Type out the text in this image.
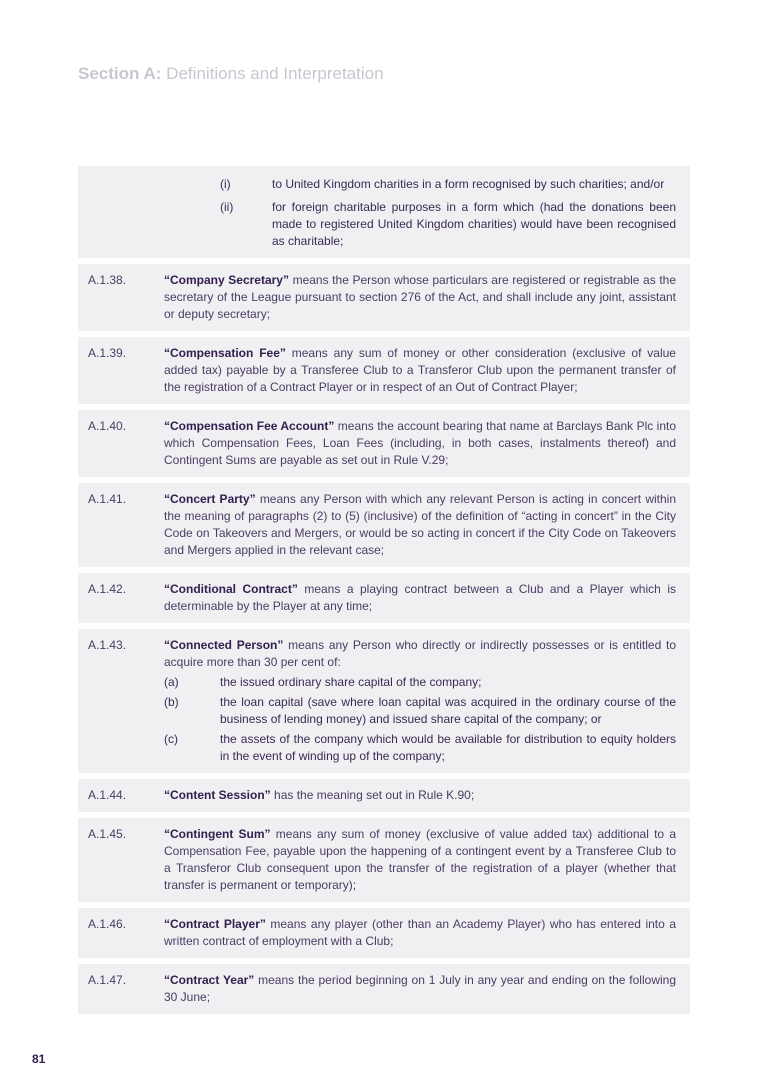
Section A: Definitions and Interpretation
(i)	to United Kingdom charities in a form recognised by such charities; and/or
(ii)	for foreign charitable purposes in a form which (had the donations been made to registered United Kingdom charities) would have been recognised as charitable;
A.1.38.	“Company Secretary” means the Person whose particulars are registered or registrable as the secretary of the League pursuant to section 276 of the Act, and shall include any joint, assistant or deputy secretary;
A.1.39.	“Compensation Fee” means any sum of money or other consideration (exclusive of value added tax) payable by a Transferee Club to a Transferor Club upon the permanent transfer of the registration of a Contract Player or in respect of an Out of Contract Player;
A.1.40.	“Compensation Fee Account” means the account bearing that name at Barclays Bank Plc into which Compensation Fees, Loan Fees (including, in both cases, instalments thereof) and Contingent Sums are payable as set out in Rule V.29;
A.1.41.	“Concert Party” means any Person with which any relevant Person is acting in concert within the meaning of paragraphs (2) to (5) (inclusive) of the definition of “acting in concert” in the City Code on Takeovers and Mergers, or would be so acting in concert if the City Code on Takeovers and Mergers applied in the relevant case;
A.1.42.	“Conditional Contract” means a playing contract between a Club and a Player which is determinable by the Player at any time;
A.1.43.	“Connected Person” means any Person who directly or indirectly possesses or is entitled to acquire more than 30 per cent of:
(a)	the issued ordinary share capital of the company;
(b)	the loan capital (save where loan capital was acquired in the ordinary course of the business of lending money) and issued share capital of the company; or
(c)	the assets of the company which would be available for distribution to equity holders in the event of winding up of the company;
A.1.44.	“Content Session” has the meaning set out in Rule K.90;
A.1.45.	“Contingent Sum” means any sum of money (exclusive of value added tax) additional to a Compensation Fee, payable upon the happening of a contingent event by a Transferee Club to a Transferor Club consequent upon the transfer of the registration of a player (whether that transfer is permanent or temporary);
A.1.46.	“Contract Player” means any player (other than an Academy Player) who has entered into a written contract of employment with a Club;
A.1.47.	“Contract Year” means the period beginning on 1 July in any year and ending on the following 30 June;
81
